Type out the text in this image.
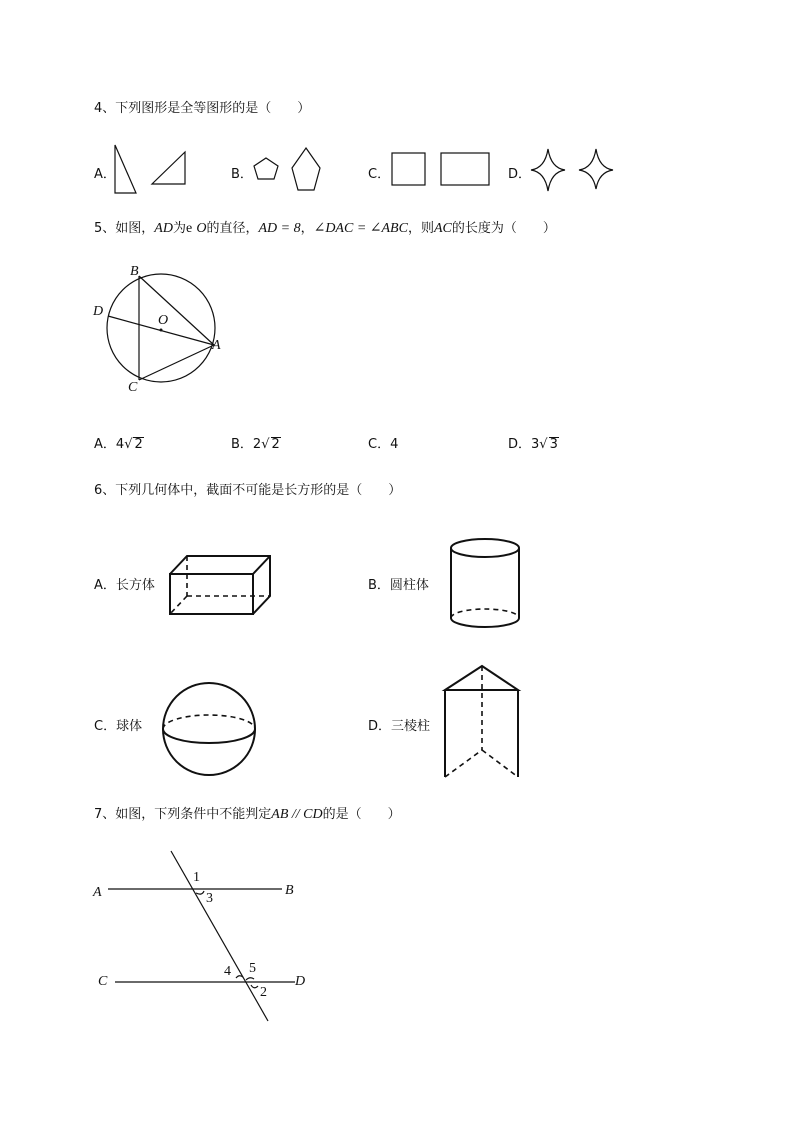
4、下列图形是全等图形的是（　　）
A．	B．	C．	D．
5、如图，AD为e O的直径，AD = 8，∠DAC = ∠ABC，则AC的长度为（　　）
B
D
O
A
C
A．4√ 2	B．2√ 2	C．4	D．3√ 3
6、下列几何体中，截面不可能是长方形的是（　　）
A．长方体	B．圆柱体
C．球体	D．三棱柱
7、如图，下列条件中不能判定AB // CD的是（　　）
A	B
C	D
1
3
4 5
2
